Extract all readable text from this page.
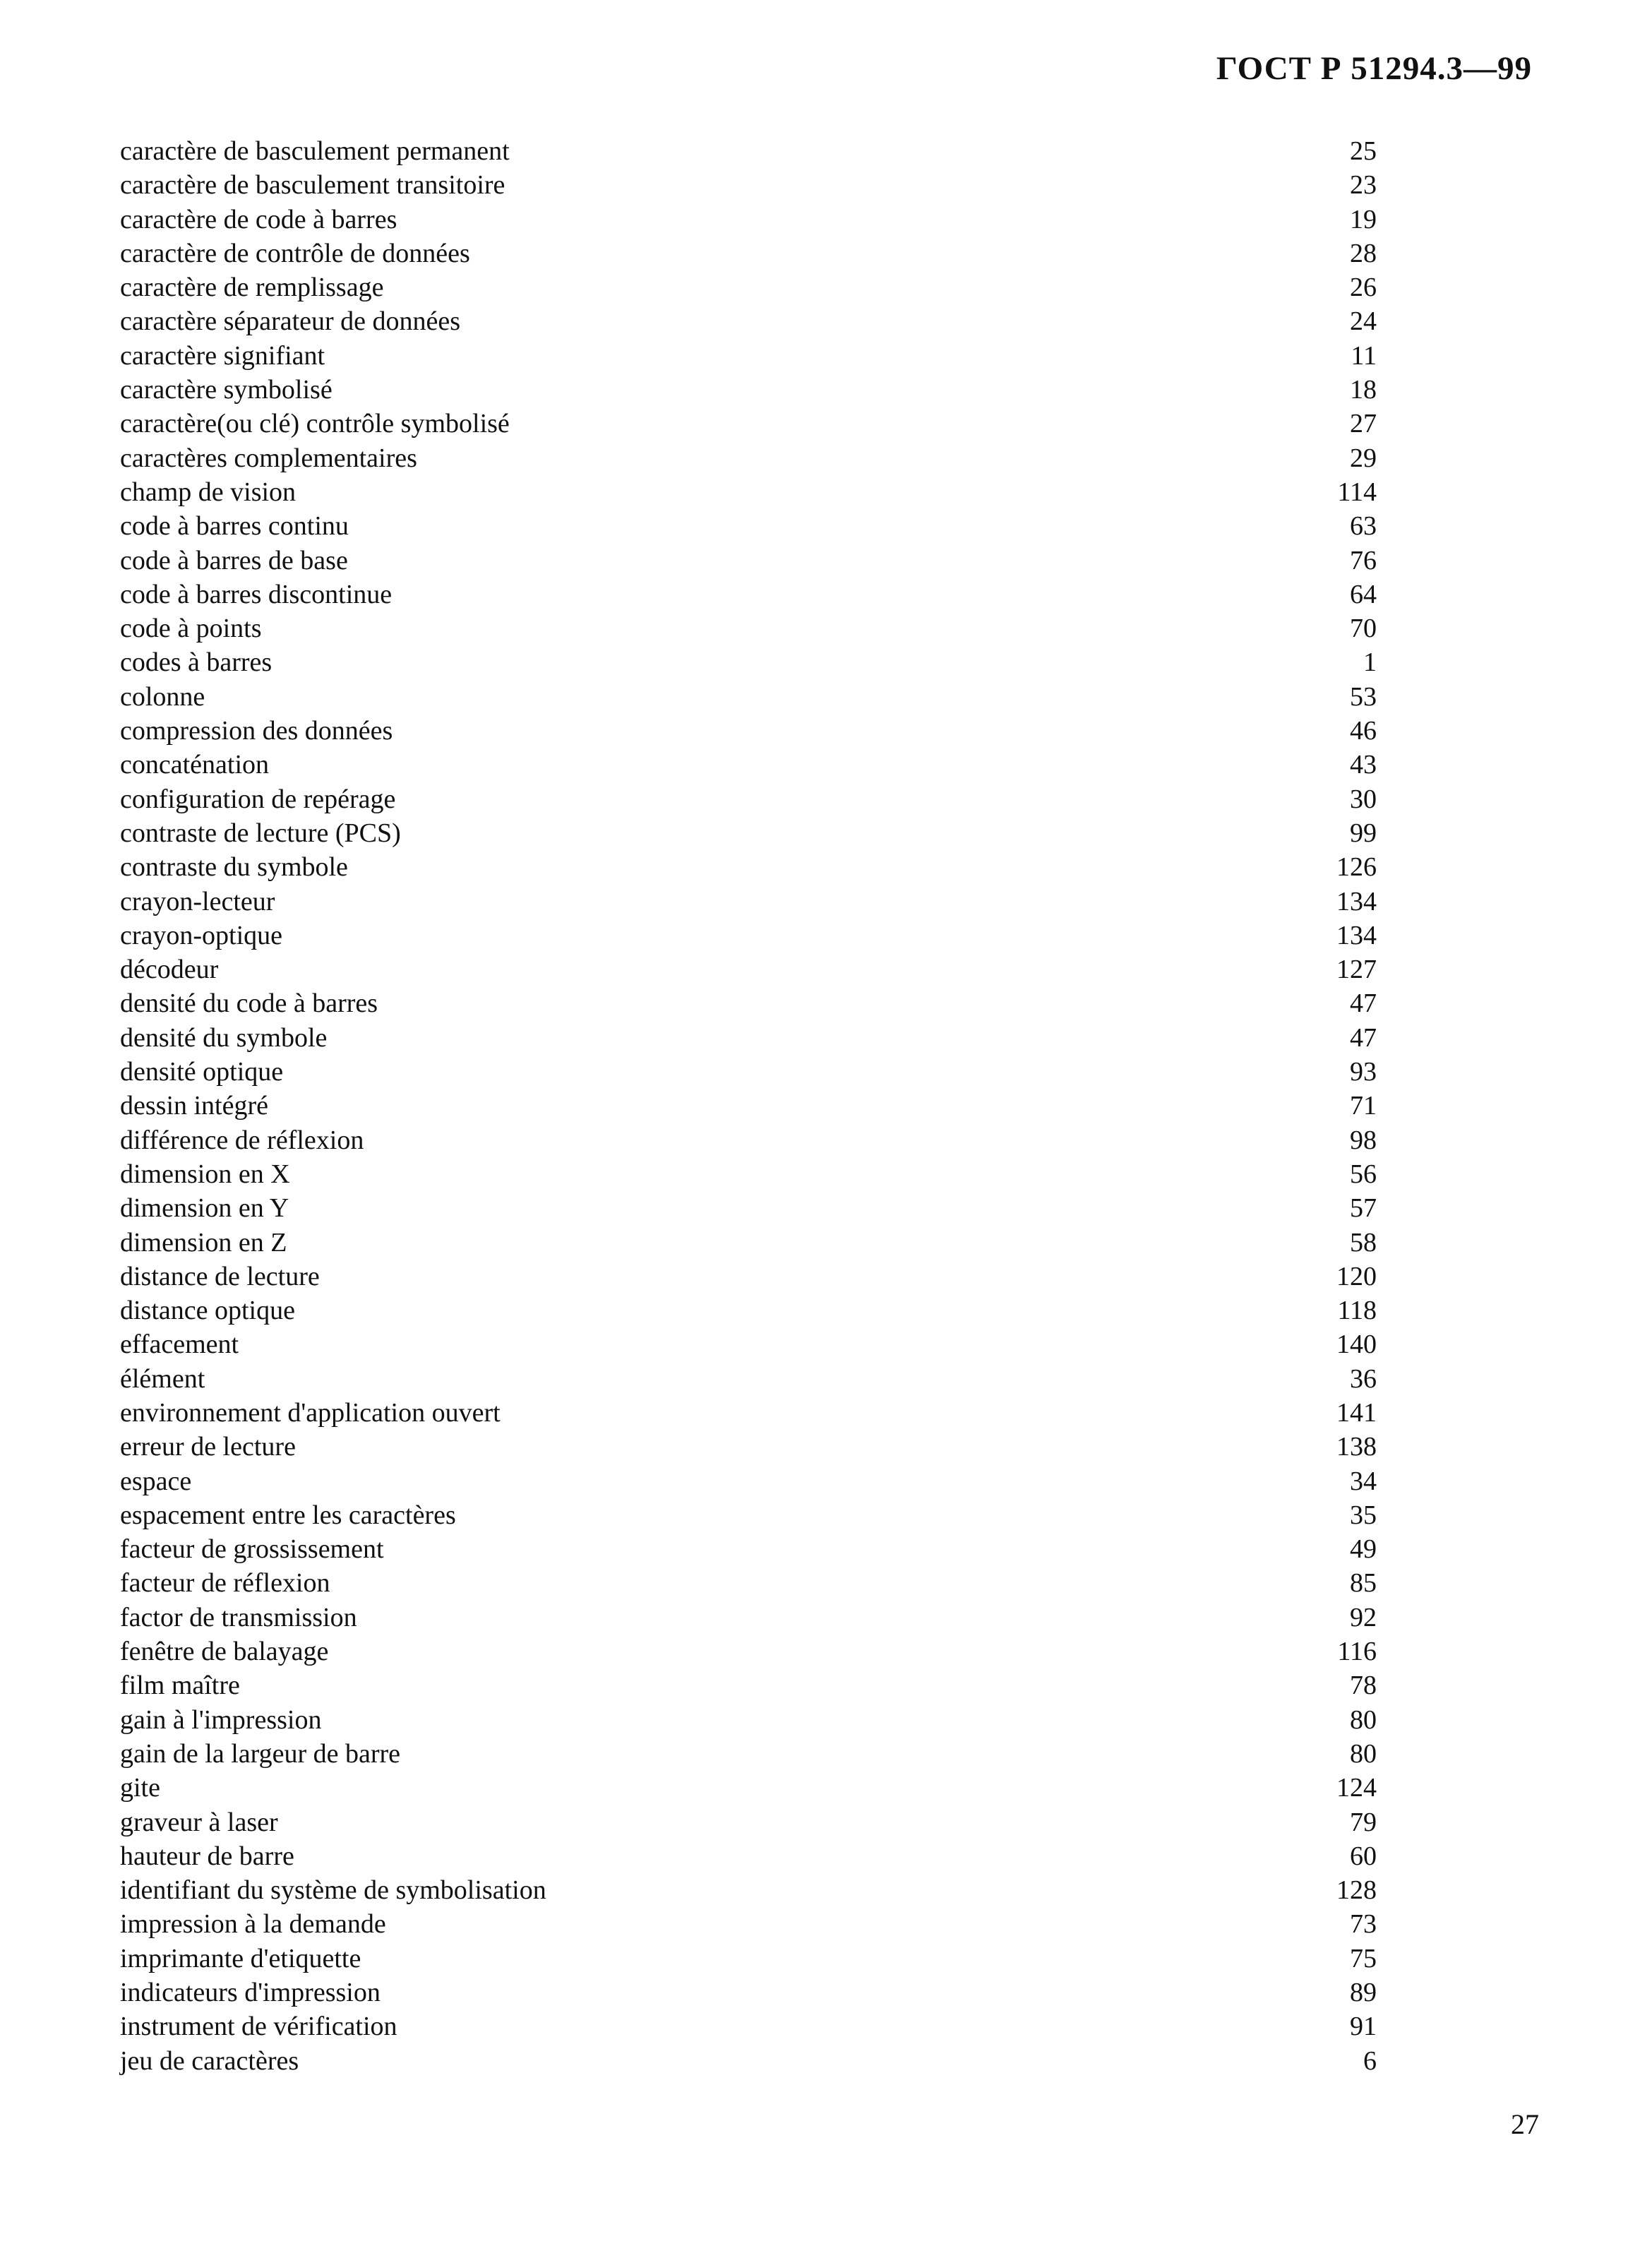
ГОСТ Р 51294.3—99
caractère de basculement permanent	25
caractère de basculement transitoire	23
caractère de code à barres	19
caractère de contrôle de données	28
caractère de remplissage	26
caractère séparateur de données	24
caractère signifiant	11
caractère symbolisé	18
caractère(ou clé) contrôle symbolisé	27
caractères complementaires	29
champ de vision	114
code à barres continu	63
code à barres de base	76
code à barres discontinue	64
code à points	70
codes à barres	1
colonne	53
compression des données	46
concaténation	43
configuration de repérage	30
contraste de lecture (PCS)	99
contraste du symbole	126
crayon-lecteur	134
crayon-optique	134
décodeur	127
densité du code à barres	47
densité du symbole	47
densité optique	93
dessin intégré	71
différence de réflexion	98
dimension en X	56
dimension en Y	57
dimension en Z	58
distance de lecture	120
distance optique	118
effacement	140
élément	36
environnement d'application ouvert	141
erreur de lecture	138
espace	34
espacement entre les caractères	35
facteur de grossissement	49
facteur de réflexion	85
factor de transmission	92
fenêtre de balayage	116
film maître	78
gain à l'impression	80
gain de la largeur de barre	80
gite	124
graveur à laser	79
hauteur de barre	60
identifiant du système de symbolisation	128
impression à la demande	73
imprimante d'etiquette	75
indicateurs d'impression	89
instrument de vérification	91
jeu de caractères	6
27
